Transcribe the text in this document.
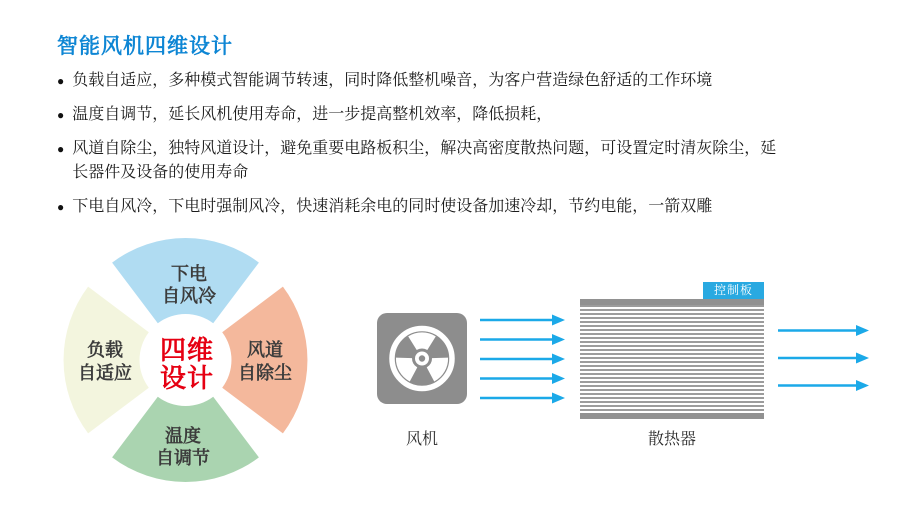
智能风机四维设计
● 负载自适应，多种模式智能调节转速，同时降低整机噪音，为客户营造绿色舒适的工作环境
● 温度自调节，延长风机使用寿命，进一步提高整机效率，降低损耗，
● 风道自除尘，独特风道设计，避免重要电路板积尘，解决高密度散热问题，可设置定时清灰除尘，延长器件及设备的使用寿命
● 下电自风冷，下电时强制风冷，快速消耗余电的同时使设备加速冷却，节约电能，一箭双雕
下电
自风冷
风道
自除尘
温度
自调节
负载
自适应
四维
设计
控制板
风机	散热器
